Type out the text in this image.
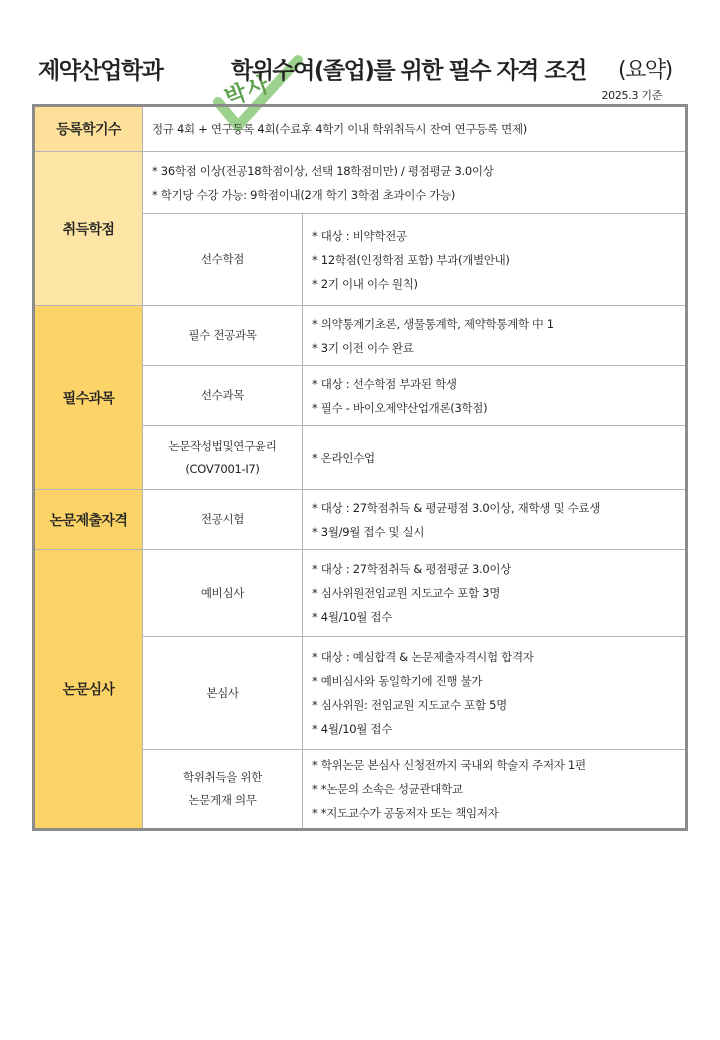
제약산업학과
박사
학위수여(졸업)를 위한 필수 자격 조건 (요약)
2025.3 기준
등록학기수	정규 4회 + 연구등록 4회(수료후 4학기 이내 학위취득시 잔여 연구등록 면제)	
취득학점	* 36학점 이상(전공18학점이상, 선택 18학점미만) / 평점평균 3.0이상
* 학기당 수강 가능: 9학점이내(2개 학기 3학점 초과이수 가능)	

	선수학점	* 대상 : 비약학전공
* 12학점(인정학점 포함) 부과(개별안내)
* 2기 이내 이수 원칙)

필수과목	필수 전공과목	* 의약통계기초론, 생물통계학, 제약학통계학 中 1
* 3기 이전 이수 완료

	선수과목	* 대상 : 선수학점 부과된 학생
* 필수 - 바이오제약산업개론(3학점)

	논문작성법및연구윤리
(COV7001-I7)	* 온라인수업

논문제출자격	전공시험	* 대상 : 27학점취득 & 평균평점 3.0이상, 재학생 및 수료생
* 3월/9월 접수 및 실시

논문심사	예비심사	* 대상 : 27학점취득 & 평점평균 3.0이상
* 심사위원전임교원 지도교수 포함 3명
* 4월/10월 접수

	본심사	* 대상 : 예심합격 & 논문제출자격시험 합격자
* 예비심사와 동일학기에 진행 불가
* 심사위원: 전임교원 지도교수 포함 5명
* 4월/10월 접수

	학위취득을 위한
논문게재 의무	* 학위논문 본심사 신청전까지 국내외 학술지 주저자 1편
* *논문의 소속은 성균관대학교
* *지도교수가 공동저자 또는 책임저자
